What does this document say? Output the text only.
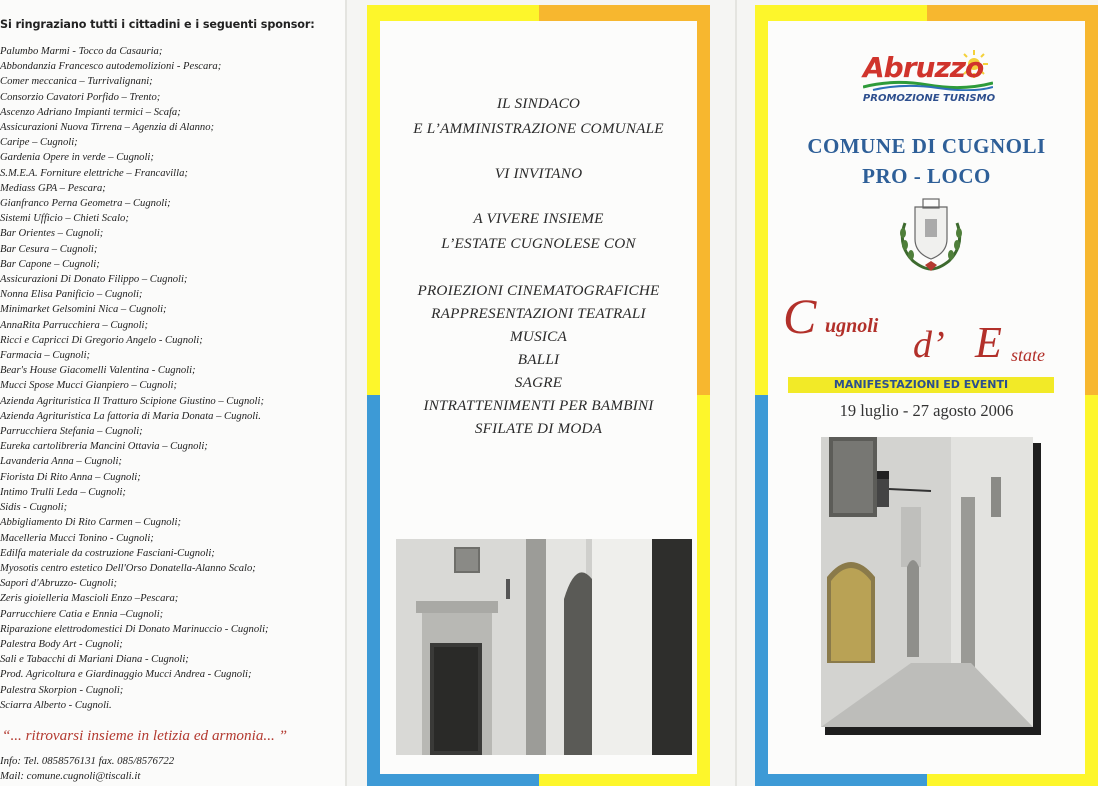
Si ringraziano tutti i cittadini e i seguenti sponsor:
Palumbo Marmi - Tocco da Casauria;
Abbondanzia Francesco autodemolizioni - Pescara;
Comer meccanica – Turrivalignani;
Consorzio Cavatori Porfido – Trento;
Ascenzo Adriano Impianti termici – Scafa;
Assicurazioni Nuova Tirrena – Agenzia di Alanno;
Caripe – Cugnoli;
Gardenia Opere in verde – Cugnoli;
S.M.E.A. Forniture elettriche – Francavilla;
Mediass GPA – Pescara;
Gianfranco Perna Geometra – Cugnoli;
Sistemi Ufficio – Chieti Scalo;
Bar Orientes – Cugnoli;
Bar Cesura – Cugnoli;
Bar Capone – Cugnoli;
Assicurazioni Di Donato Filippo – Cugnoli;
Nonna Elisa Panificio – Cugnoli;
Minimarket Gelsomini Nica – Cugnoli;
AnnaRita Parrucchiera – Cugnoli;
Ricci e Capricci Di Gregorio Angelo - Cugnoli;
Farmacia – Cugnoli;
Bear's House Giacomelli Valentina - Cugnoli;
Mucci Spose Mucci Gianpiero – Cugnoli;
Azienda Agrituristica Il Tratturo Scipione Giustino – Cugnoli;
Azienda Agrituristica La fattoria di Maria Donata – Cugnoli.
Parrucchiera Stefania – Cugnoli;
Eureka cartolibreria Mancini Ottavia – Cugnoli;
Lavanderia Anna – Cugnoli;
Fiorista Di Rito Anna – Cugnoli;
Intimo Trulli Leda – Cugnoli;
Sidis - Cugnoli;
Abbigliamento Di Rito Carmen – Cugnoli;
Macelleria Mucci Tonino - Cugnoli;
Edilfa materiale da costruzione Fasciani-Cugnoli;
Myosotis centro estetico Dell'Orso Donatella-Alanno Scalo;
Sapori d'Abruzzo- Cugnoli;
Zeris gioielleria Mascioli Enzo –Pescara;
Parrucchiere Catia e Ennia –Cugnoli;
Riparazione elettrodomestici Di Donato Marinuccio - Cugnoli;
Palestra Body Art - Cugnoli;
Sali e Tabacchi di Mariani Diana - Cugnoli;
Prod. Agricoltura e Giardinaggio Mucci Andrea - Cugnoli;
Palestra Skorpion - Cugnoli;
Sciarra Alberto - Cugnoli.
“... ritrovarsi insieme in letizia ed armonia... ”
Info: Tel. 0858576131 fax. 085/8576722
Mail: comune.cugnoli@tiscali.it
IL SINDACO
E L’AMMINISTRAZIONE COMUNALE
VI INVITANO
A VIVERE INSIEME
L’ESTATE CUGNOLESE CON
PROIEZIONI CINEMATOGRAFICHE
RAPPRESENTAZIONI TEATRALI
MUSICA
BALLI
SAGRE
INTRATTENIMENTI PER BAMBINI
SFILATE DI MODA
Abruzzo
PROMOZIONE TURISMO
COMUNE DI CUGNOLI
PRO - LOCO
C ugnoli d’ E state
MANIFESTAZIONI ED EVENTI
19 luglio - 27 agosto 2006
